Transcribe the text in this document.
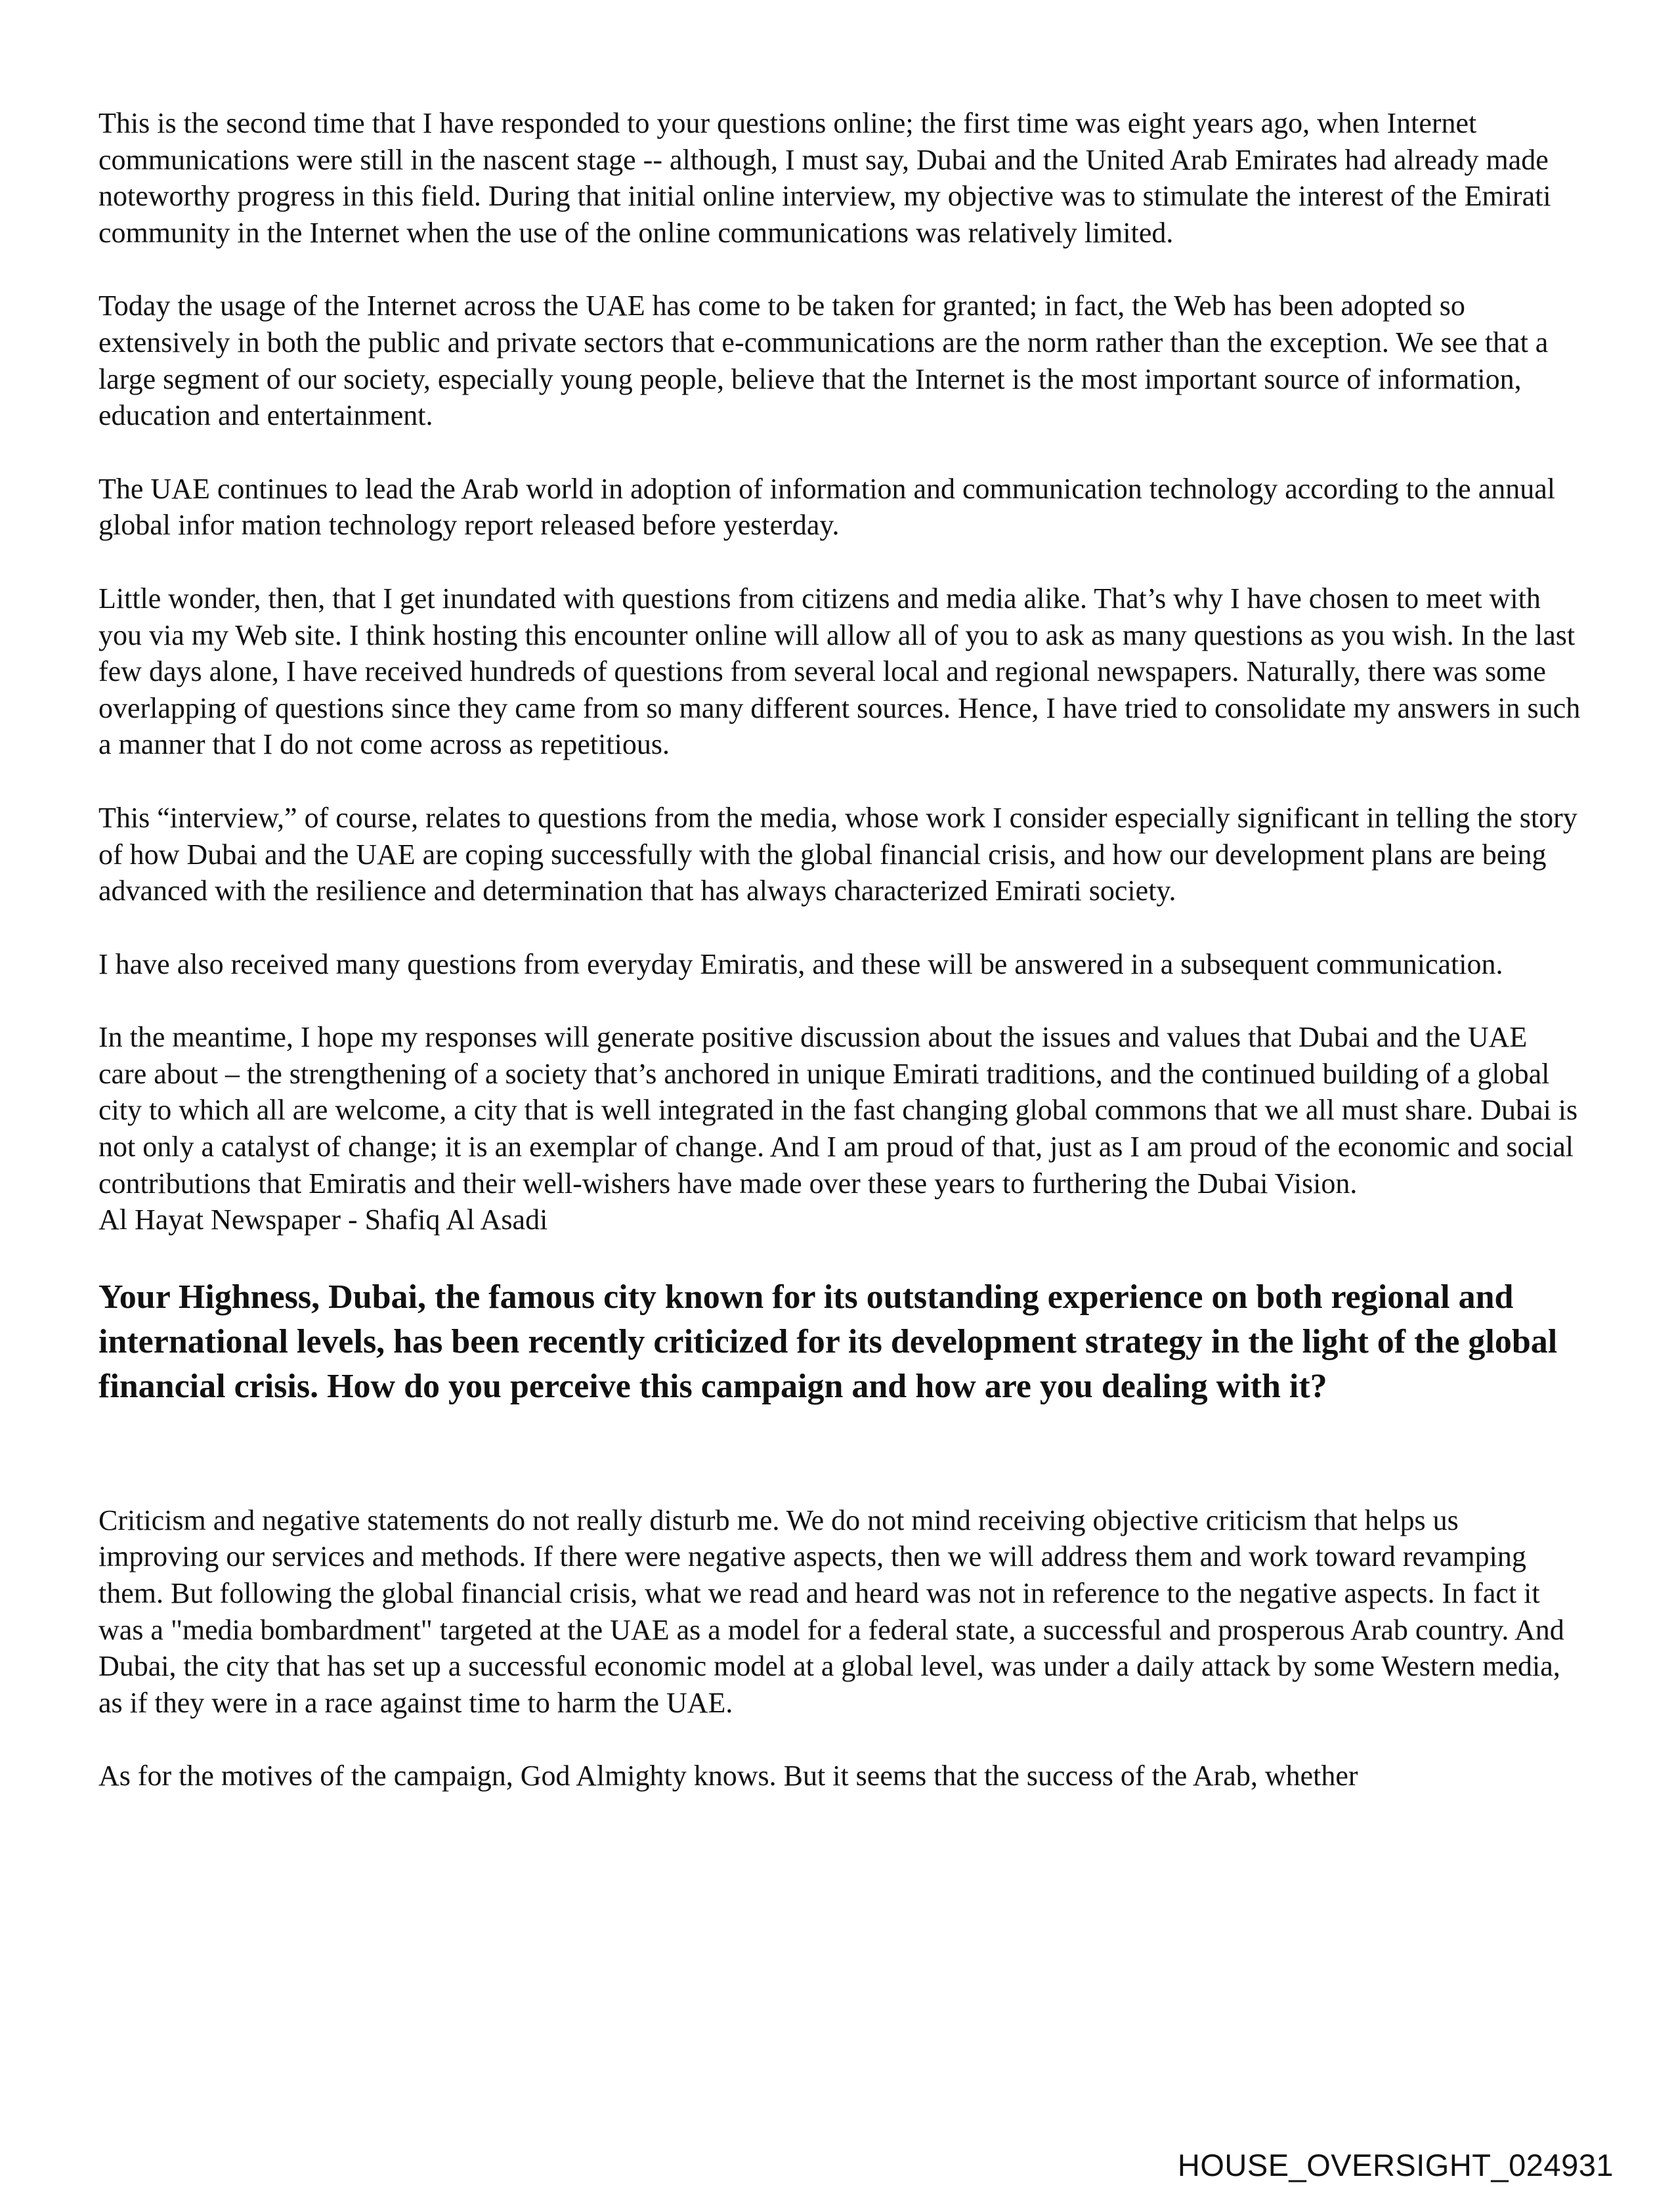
This is the second time that I have responded to your questions online; the first time was eight years ago, when Internet communications were still in the nascent stage -- although, I must say, Dubai and the United Arab Emirates had already made noteworthy progress in this field. During that initial online interview, my objective was to stimulate the interest of the Emirati community in the Internet when the use of the online communications was relatively limited.

Today the usage of the Internet across the UAE has come to be taken for granted; in fact, the Web has been adopted so extensively in both the public and private sectors that e-communications are the norm rather than the exception. We see that a large segment of our society, especially young people, believe that the Internet is the most important source of information, education and entertainment.

The UAE continues to lead the Arab world in adoption of information and communication technology according to the annual global infor mation technology report released before yesterday.

Little wonder, then, that I get inundated with questions from citizens and media alike. That’s why I have chosen to meet with you via my Web site. I think hosting this encounter online will allow all of you to ask as many questions as you wish. In the last few days alone, I have received hundreds of questions from several local and regional newspapers. Naturally, there was some overlapping of questions since they came from so many different sources. Hence, I have tried to consolidate my answers in such a manner that I do not come across as repetitious.

This “interview,” of course, relates to questions from the media, whose work I consider especially significant in telling the story of how Dubai and the UAE are coping successfully with the global financial crisis, and how our development plans are being advanced with the resilience and determination that has always characterized Emirati society.

I have also received many questions from everyday Emiratis, and these will be answered in a subsequent communication.

In the meantime, I hope my responses will generate positive discussion about the issues and values that Dubai and the UAE care about – the strengthening of a society that’s anchored in unique Emirati traditions, and the continued building of a global city to which all are welcome, a city that is well integrated in the fast changing global commons that we all must share. Dubai is not only a catalyst of change; it is an exemplar of change. And I am proud of that, just as I am proud of the economic and social contributions that Emiratis and their well-wishers have made over these years to furthering the Dubai Vision.

Al Hayat Newspaper - Shafiq Al Asadi

Your Highness, Dubai, the famous city known for its outstanding experience on both regional and international levels, has been recently criticized for its development strategy in the light of the global financial crisis. How do you perceive this campaign and how are you dealing with it?

Criticism and negative statements do not really disturb me. We do not mind receiving objective criticism that helps us improving our services and methods. If there were negative aspects, then we will address them and work toward revamping them. But following the global financial crisis, what we read and heard was not in reference to the negative aspects. In fact it was a "media bombardment" targeted at the UAE as a model for a federal state, a successful and prosperous Arab country. And Dubai, the city that has set up a successful economic model at a global level, was under a daily attack by some Western media, as if they were in a race against time to harm the UAE.

As for the motives of the campaign, God Almighty knows. But it seems that the success of the Arab, whether

HOUSE_OVERSIGHT_024931
